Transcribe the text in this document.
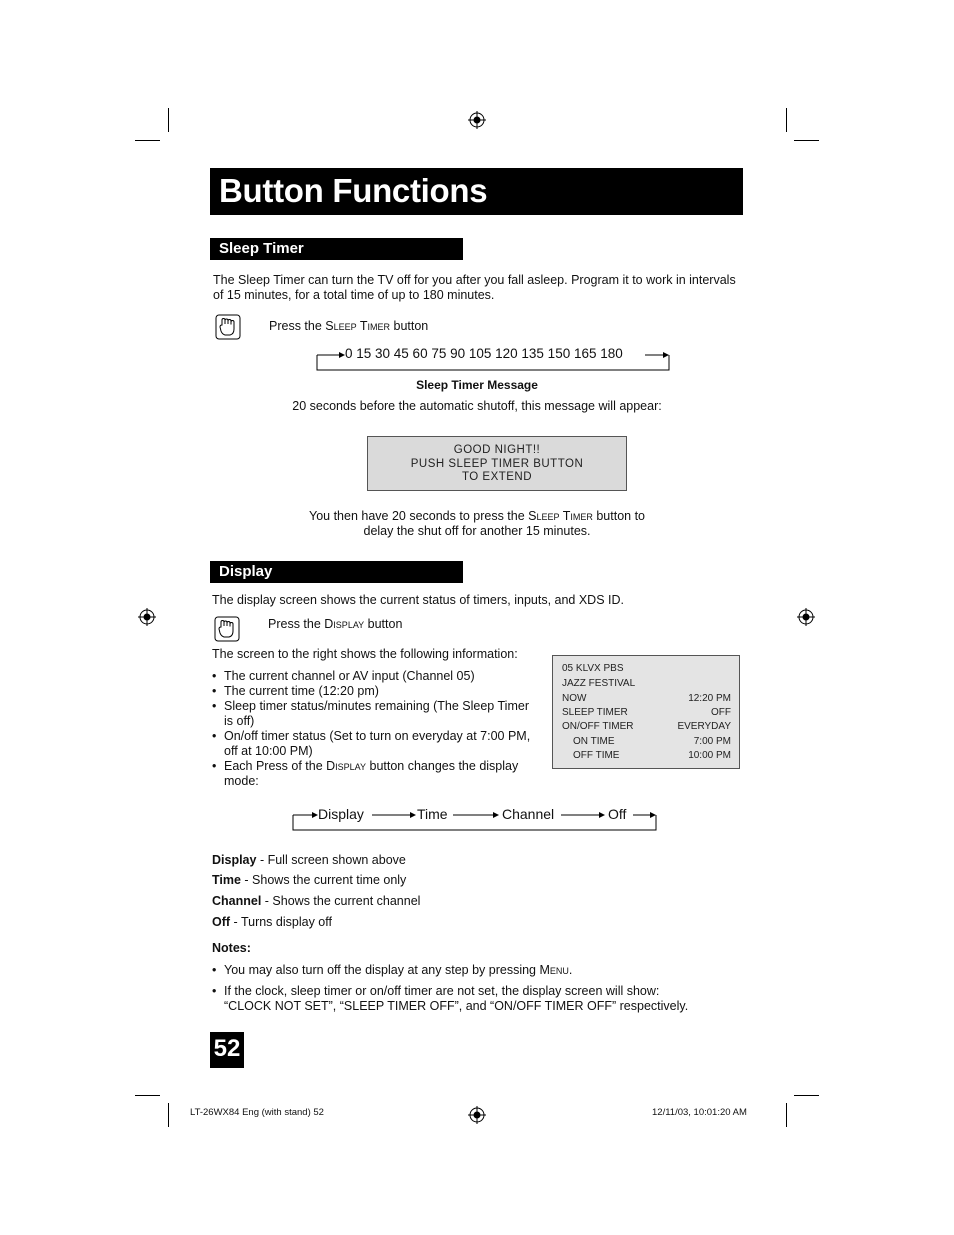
Button Functions
Sleep Timer
The Sleep Timer can turn the TV off for you after you fall asleep. Program it to work in intervals
of 15 minutes, for a total time of up to 180 minutes.
Press the Sleep Timer button
0 15 30 45 60 75 90 105 120 135 150 165 180
Sleep Timer Message
20 seconds before the automatic shutoff, this message will appear:
GOOD NIGHT!!
PUSH SLEEP TIMER BUTTON
TO EXTEND
You then have 20 seconds to press the Sleep Timer button to
delay the shut off for another 15 minutes.
Display
The display screen shows the current status of timers, inputs, and XDS ID.
Press the Display button
The screen to the right shows the following information:
• The current channel or AV input (Channel 05)
• The current time (12:20 pm)
• Sleep timer status/minutes remaining (The Sleep Timer
is off)
• On/off timer status (Set to turn on everyday at 7:00 PM,
off at 10:00 PM)
• Each Press of the Display button changes the display
mode:
05 KLVX PBS
JAZZ FESTIVAL
NOW	12:20 PM
SLEEP TIMER	OFF
ON/OFF TIMER	EVERYDAY
ON TIME	7:00 PM
OFF TIME	10:00 PM
Display	Time	Channel	Off
Display - Full screen shown above
Time - Shows the current time only
Channel - Shows the current channel
Off - Turns display off
Notes:
• You may also turn off the display at any step by pressing Menu.
• If the clock, sleep timer or on/off timer are not set, the display screen will show:
“CLOCK NOT SET”, “SLEEP TIMER OFF”, and “ON/OFF TIMER OFF” respectively.
52
LT-26WX84 Eng (with stand) 52	12/11/03, 10:01:20 AM
